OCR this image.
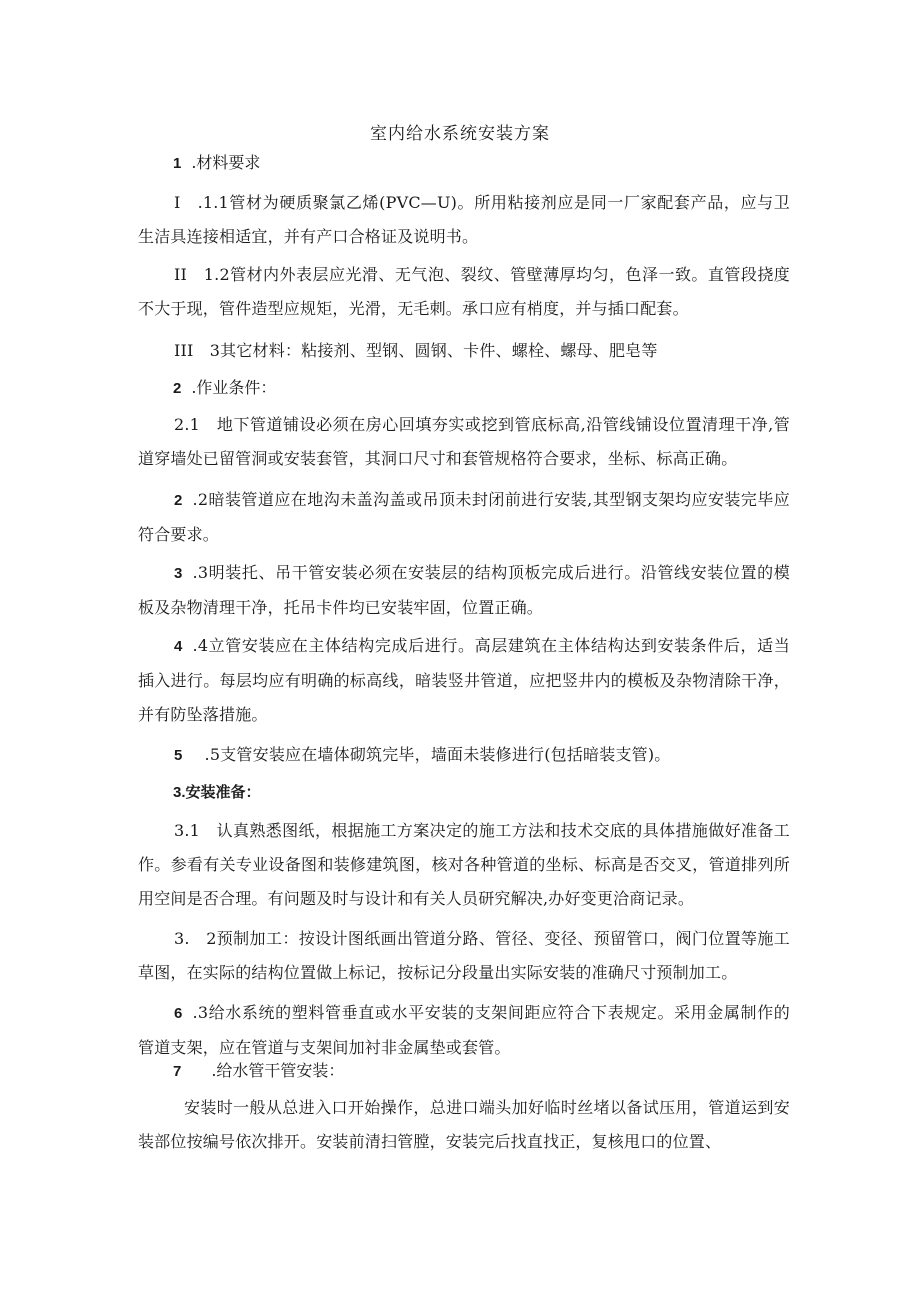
室内给水系统安装方案
1 .材料要求
I　.1.1管材为硬质聚氯乙烯(PVC—U)。所用粘接剂应是同一厂家配套产品，应与卫生洁具连接相适宜，并有产口合格证及说明书。
II　1.2管材内外表层应光滑、无气泡、裂纹、管壁薄厚均匀，色泽一致。直管段挠度不大于现，管件造型应规矩，光滑，无毛刺。承口应有梢度，并与插口配套。
III　3其它材料：粘接剂、型钢、圆钢、卡件、螺栓、螺母、肥皂等
2 .作业条件：
2.1　地下管道铺设必须在房心回填夯实或挖到管底标高,沿管线铺设位置清理干净,管道穿墙处已留管洞或安装套管，其洞口尺寸和套管规格符合要求，坐标、标高正确。
2 .2暗装管道应在地沟未盖沟盖或吊顶未封闭前进行安装,其型钢支架均应安装完毕应符合要求。
3 .3明装托、吊干管安装必须在安装层的结构顶板完成后进行。沿管线安装位置的模板及杂物清理干净，托吊卡件均已安装牢固，位置正确。
4 .4立管安装应在主体结构完成后进行。高层建筑在主体结构达到安装条件后，适当插入进行。每层均应有明确的标高线，暗装竖井管道，应把竖井内的模板及杂物清除干净，并有防坠落措施。
5 .5支管安装应在墙体砌筑完毕，墙面未装修进行(包括暗装支管)。
3.安装准备：
3.1　认真熟悉图纸，根据施工方案决定的施工方法和技术交底的具体措施做好准备工作。参看有关专业设备图和装修建筑图，核对各种管道的坐标、标高是否交叉，管道排列所用空间是否合理。有问题及时与设计和有关人员研究解决,办好变更洽商记录。
3.　2预制加工：按设计图纸画出管道分路、管径、变径、预留管口，阀门位置等施工草图，在实际的结构位置做上标记，按标记分段量出实际安装的准确尺寸预制加工。
6 .3给水系统的塑料管垂直或水平安装的支架间距应符合下表规定。采用金属制作的管道支架，应在管道与支架间加衬非金属垫或套管。
7 .给水管干管安装：
安装时一般从总进入口开始操作，总进口端头加好临时丝堵以备试压用，管道运到安装部位按编号依次排开。安装前清扫管膛，安装完后找直找正，复核甩口的位置、
